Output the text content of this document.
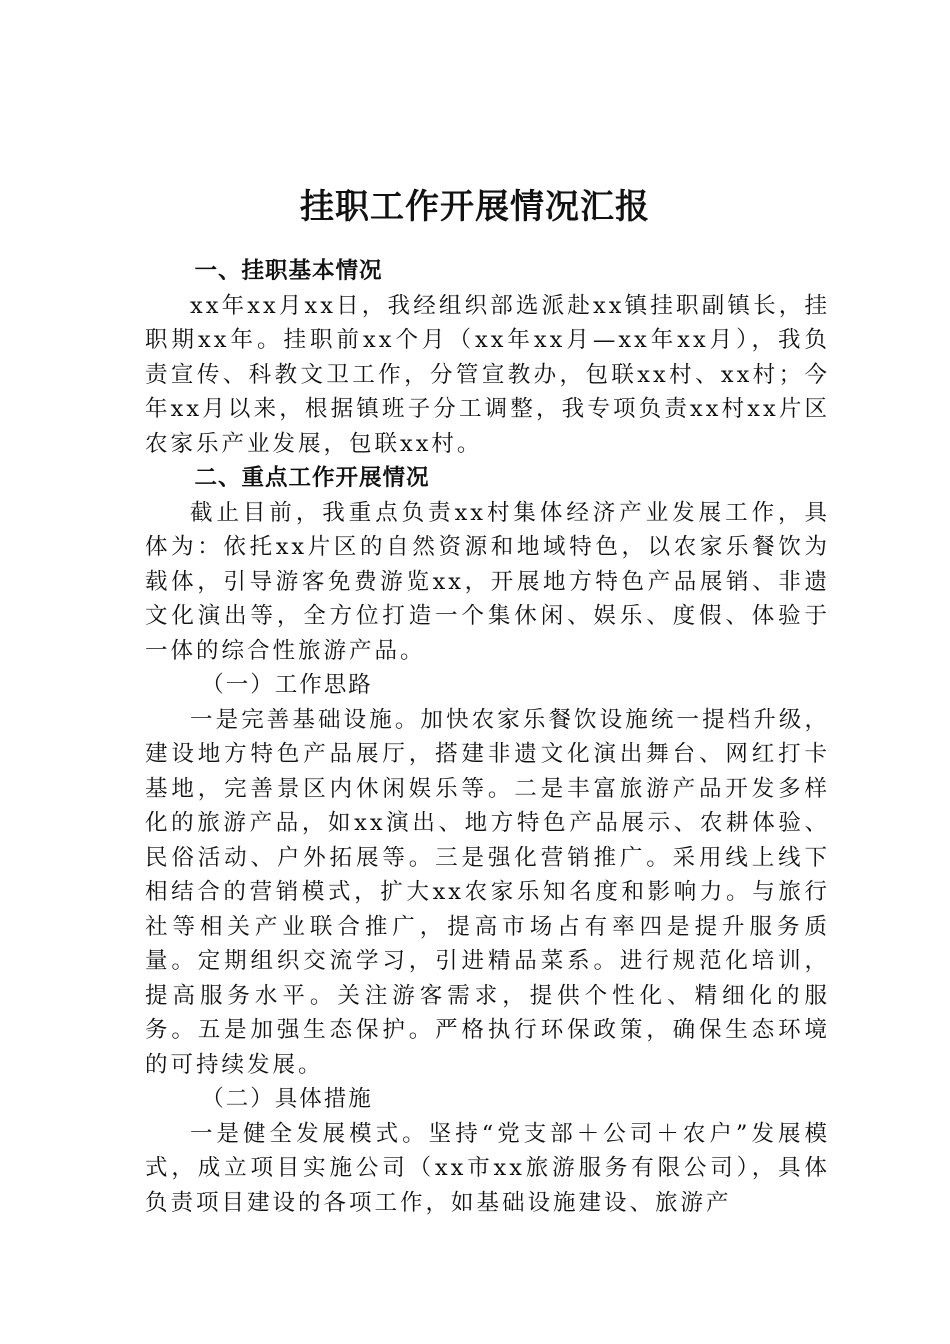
挂职工作开展情况汇报
一、挂职基本情况

xx年xx月xx日，我经组织部选派赴xx镇挂职副镇长，挂职期xx年。挂职前xx个月（xx年xx月—xx年xx月），我负责宣传、科教文卫工作，分管宣教办，包联xx村、xx村；今年xx月以来，根据镇班子分工调整，我专项负责xx村xx片区农家乐产业发展，包联xx村。

二、重点工作开展情况

截止目前，我重点负责xx村集体经济产业发展工作，具体为：依托xx片区的自然资源和地域特色，以农家乐餐饮为载体，引导游客免费游览xx，开展地方特色产品展销、非遗文化演出等，全方位打造一个集休闲、娱乐、度假、体验于一体的综合性旅游产品。

（一）工作思路

一是完善基础设施。加快农家乐餐饮设施统一提档升级，建设地方特色产品展厅，搭建非遗文化演出舞台、网红打卡基地，完善景区内休闲娱乐等。二是丰富旅游产品开发多样化的旅游产品，如xx演出、地方特色产品展示、农耕体验、民俗活动、户外拓展等。三是强化营销推广。采用线上线下相结合的营销模式，扩大xx农家乐知名度和影响力。与旅行社等相关产业联合推广，提高市场占有率四是提升服务质量。定期组织交流学习，引进精品菜系。进行规范化培训，提高服务水平。关注游客需求，提供个性化、精细化的服务。五是加强生态保护。严格执行环保政策，确保生态环境的可持续发展。

（二）具体措施

一是健全发展模式。坚持“党支部＋公司＋农户”发展模式，成立项目实施公司（xx市xx旅游服务有限公司），具体负责项目建设的各项工作，如基础设施建设、旅游产
